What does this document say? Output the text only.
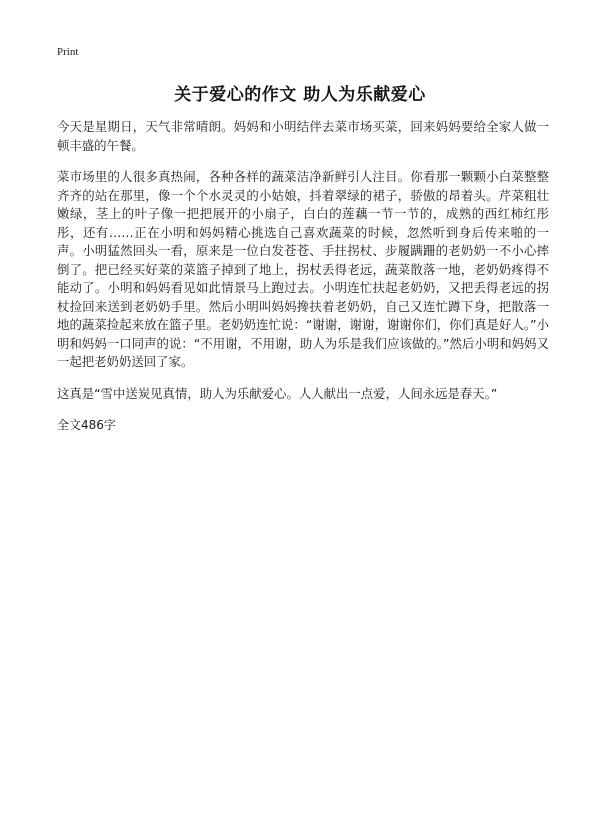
Print
关于爱心的作文 助人为乐献爱心

今天是星期日，天气非常晴朗。妈妈和小明结伴去菜市场买菜，回来妈妈要给全家人做一顿丰盛的午餐。

菜市场里的人很多真热闹，各种各样的蔬菜洁净新鲜引人注目。你看那一颗颗小白菜整整齐齐的站在那里，像一个个水灵灵的小姑娘，抖着翠绿的裙子，骄傲的昂着头。芹菜粗壮嫩绿，茎上的叶子像一把把展开的小扇子，白白的莲藕一节一节的，成熟的西红柿红彤彤，还有……正在小明和妈妈精心挑选自己喜欢蔬菜的时候，忽然听到身后传来啪的一声。小明猛然回头一看，原来是一位白发苍苍、手拄拐杖、步履蹒跚的老奶奶一不小心摔倒了。把已经买好菜的菜篮子掉到了地上，拐杖丢得老远，蔬菜散落一地，老奶奶疼得不能动了。小明和妈妈看见如此情景马上跑过去。小明连忙扶起老奶奶，又把丢得老远的拐杖捡回来送到老奶奶手里。然后小明叫妈妈搀扶着老奶奶，自己又连忙蹲下身，把散落一地的蔬菜捡起来放在篮子里。老奶奶连忙说：“谢谢，谢谢，谢谢你们，你们真是好人。”小明和妈妈一口同声的说：“不用谢，不用谢，助人为乐是我们应该做的。”然后小明和妈妈又一起把老奶奶送回了家。

这真是“雪中送炭见真情，助人为乐献爱心。人人献出一点爱，人间永远是春天。”

全文486字
